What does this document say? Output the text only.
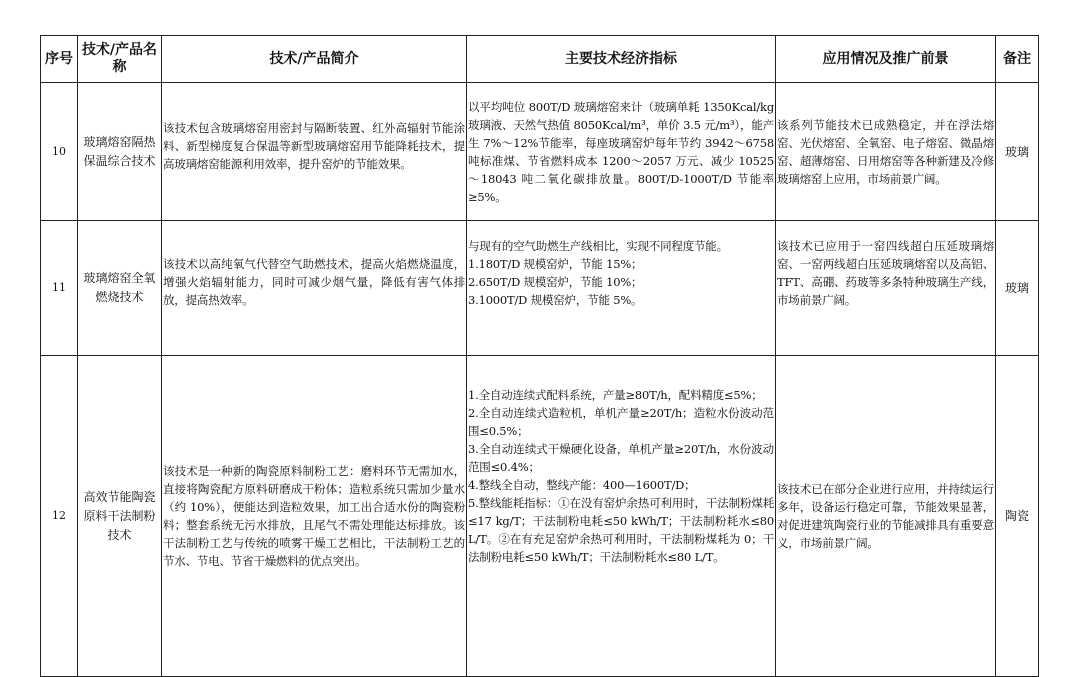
序号	技术/产品名称	技术/产品简介	主要技术经济指标	应用情况及推广前景	备注
10	玻璃熔窑隔热保温综合技术	该技术包含玻璃熔窑用密封与隔断装置、红外高辐射节能涂料、新型梯度复合保温等新型玻璃熔窑用节能降耗技术，提高玻璃熔窑能源利用效率，提升窑炉的节能效果。	以平均吨位 800T/D 玻璃熔窑来计（玻璃单耗 1350Kcal/kg 玻璃液、天然气热值 8050Kcal/m³，单价 3.5 元/m³），能产生 7%～12%节能率，每座玻璃窑炉每年节约 3942～6758 吨标准煤、节省燃料成本 1200～2057 万元、减少 10525～18043 吨二氧化碳排放量。800T/D-1000T/D 节能率≥5%。	该系列节能技术已成熟稳定，并在浮法熔窑、光伏熔窑、全氧窑、电子熔窑、微晶熔窑、超薄熔窑、日用熔窑等各种新建及冷修玻璃熔窑上应用，市场前景广阔。	玻璃
11	玻璃熔窑全氧燃烧技术	该技术以高纯氧气代替空气助燃技术，提高火焰燃烧温度，增强火焰辐射能力，同时可减少烟气量，降低有害气体排放，提高热效率。	与现有的空气助燃生产线相比，实现不同程度节能。
1.180T/D 规模窑炉，节能 15%；
2.650T/D 规模窑炉，节能 10%；
3.1000T/D 规模窑炉，节能 5%。	该技术已应用于一窑四线超白压延玻璃熔窑、一窑两线超白压延玻璃熔窑以及高铝、TFT、高硼、药玻等多条特种玻璃生产线，市场前景广阔。	玻璃
12	高效节能陶瓷原料干法制粉技术	该技术是一种新的陶瓷原料制粉工艺：磨料环节无需加水，直接将陶瓷配方原料研磨成干粉体；造粒系统只需加少量水（约 10%），便能达到造粒效果，加工出合适水份的陶瓷粉料；整套系统无污水排放，且尾气不需处理能达标排放。该干法制粉工艺与传统的喷雾干燥工艺相比，干法制粉工艺的节水、节电、节省干燥燃料的优点突出。	1.全自动连续式配料系统，产量≥80T/h，配料精度≤5%；
2.全自动连续式造粒机，单机产量≥20T/h；造粒水份波动范围≤0.5%；
3.全自动连续式干燥硬化设备，单机产量≥20T/h，水份波动范围≤0.4%；
4.整线全自动，整线产能：400—1600T/D；
5.整线能耗指标：①在没有窑炉余热可利用时，干法制粉煤耗≤17 kg/T；干法制粉电耗≤50 kWh/T；干法制粉耗水≤80 L/T。②在有充足窑炉余热可利用时，干法制粉煤耗为 0；干法制粉电耗≤50 kWh/T；干法制粉耗水≤80 L/T。	该技术已在部分企业进行应用，并持续运行多年，设备运行稳定可靠，节能效果显著，对促进建筑陶瓷行业的节能减排具有重要意义，市场前景广阔。	陶瓷
